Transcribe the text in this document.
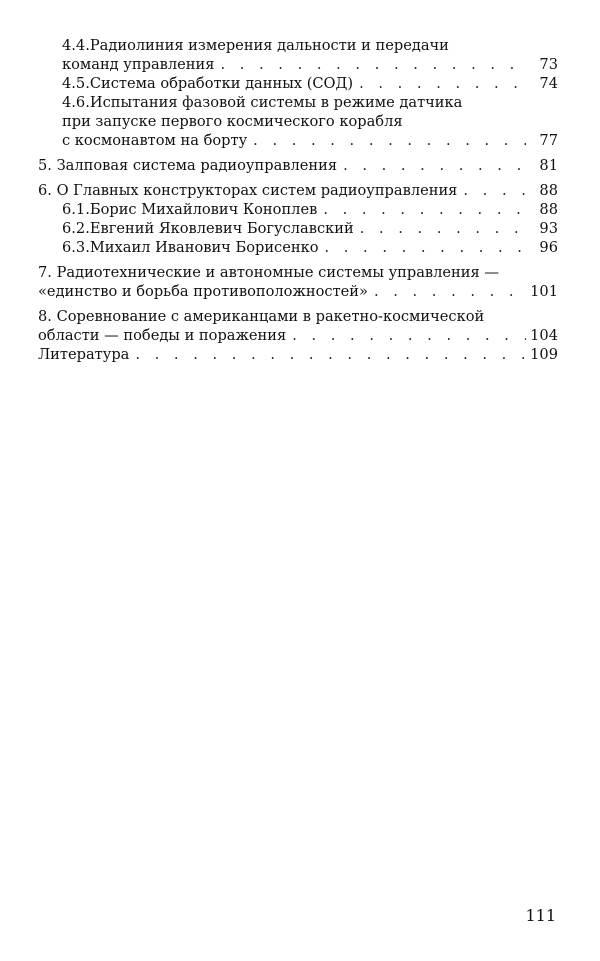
4.4.Радиолиния измерения дальности и передачи
команд управления . . .	73
4.5.Система обработки данных (СОД) . . .	74
4.6.Испытания фазовой системы в режиме датчика
при запуске первого космического корабля
с космонавтом на борту . . .	77
5. Залповая система радиоуправления . . .	81
6. О Главных конструкторах систем радиоуправления . . .	88
6.1.Борис Михайлович Коноплев . . .	88
6.2.Евгений Яковлевич Богуславский . . .	93
6.3.Михаил Иванович Борисенко . . .	96
7. Радиотехнические и автономные системы управления —
«единство и борьба противоположностей» . . .	101
8. Соревнование с американцами в ракетно-космической
области — победы и поражения . . .	104
Литература . . .	109
111
